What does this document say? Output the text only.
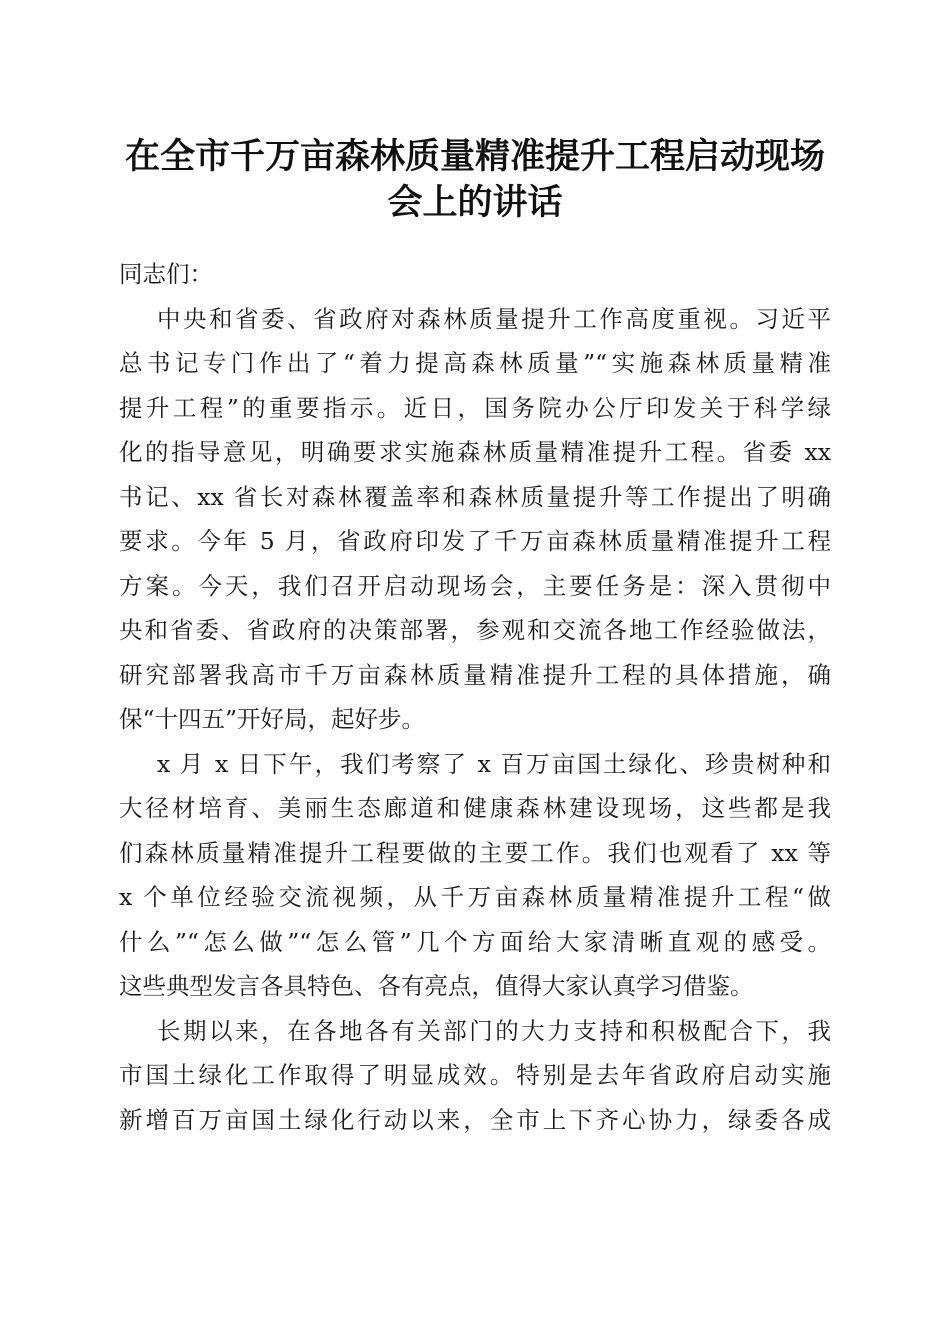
在全市千万亩森林质量精准提升工程启动现场
会上的讲话

同志们：

中央和省委、省政府对森林质量提升工作高度重视。习近平
总书记专门作出了“着力提高森林质量”“实施森林质量精准
提升工程”的重要指示。近日，国务院办公厅印发关于科学绿
化的指导意见，明确要求实施森林质量精准提升工程。省委 xx
书记、xx 省长对森林覆盖率和森林质量提升等工作提出了明确
要求。今年 5 月，省政府印发了千万亩森林质量精准提升工程
方案。今天，我们召开启动现场会，主要任务是：深入贯彻中
央和省委、省政府的决策部署，参观和交流各地工作经验做法，
研究部署我高市千万亩森林质量精准提升工程的具体措施，确
保“十四五”开好局，起好步。

x 月 x 日下午，我们考察了 x 百万亩国土绿化、珍贵树种和
大径材培育、美丽生态廊道和健康森林建设现场，这些都是我
们森林质量精准提升工程要做的主要工作。我们也观看了 xx 等
x 个单位经验交流视频，从千万亩森林质量精准提升工程“做
什么”“怎么做”“怎么管”几个方面给大家清晰直观的感受。
这些典型发言各具特色、各有亮点，值得大家认真学习借鉴。

长期以来，在各地各有关部门的大力支持和积极配合下，我
市国土绿化工作取得了明显成效。特别是去年省政府启动实施
新增百万亩国土绿化行动以来，全市上下齐心协力，绿委各成
